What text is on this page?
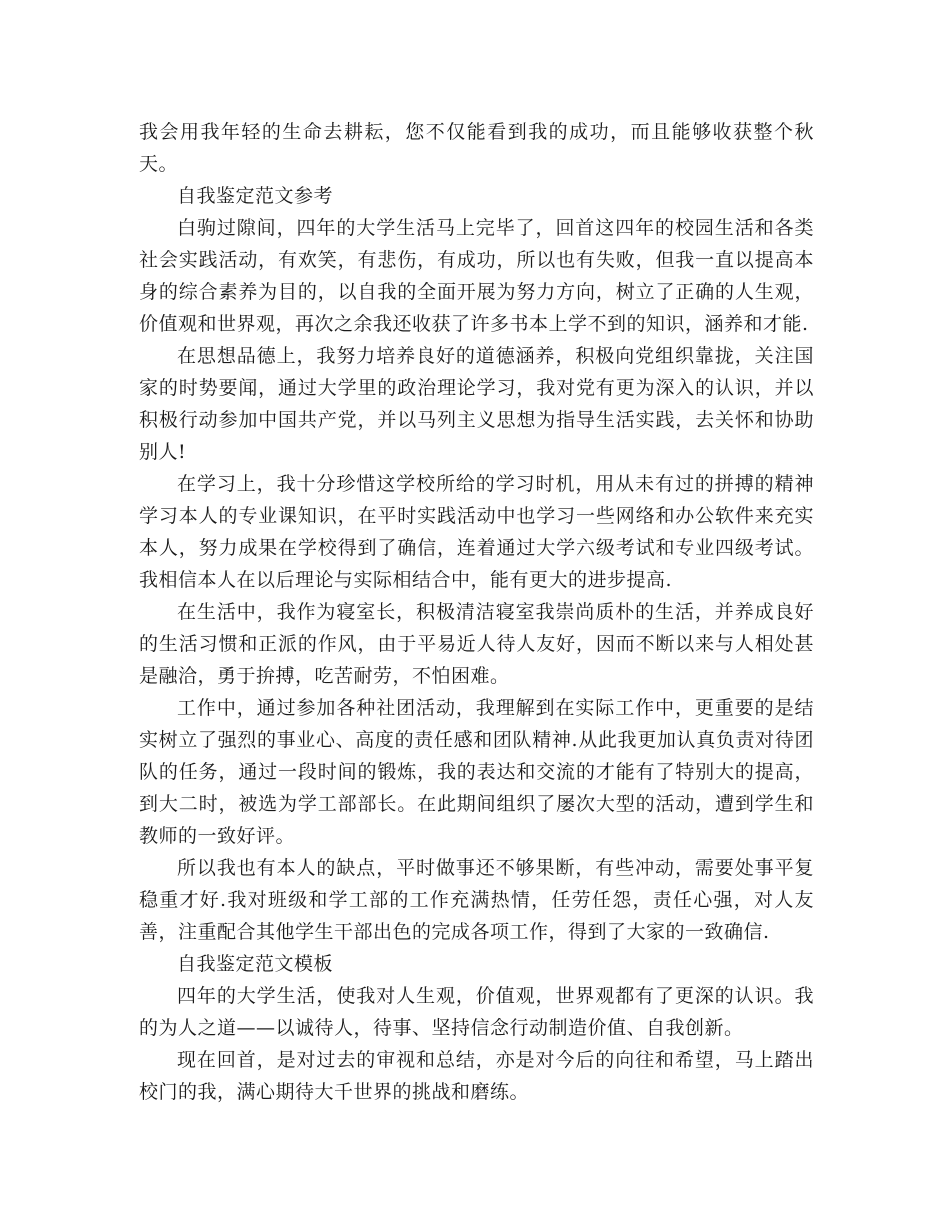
我会用我年轻的生命去耕耘，您不仅能看到我的成功，而且能够收获整个秋天。

自我鉴定范文参考

白驹过隙间，四年的大学生活马上完毕了，回首这四年的校园生活和各类社会实践活动，有欢笑，有悲伤，有成功，所以也有失败，但我一直以提高本身的综合素养为目的，以自我的全面开展为努力方向，树立了正确的人生观，价值观和世界观，再次之余我还收获了许多书本上学不到的知识，涵养和才能.

在思想品德上，我努力培养良好的道德涵养，积极向党组织靠拢，关注国家的时势要闻，通过大学里的政治理论学习，我对党有更为深入的认识，并以积极行动参加中国共产党，并以马列主义思想为指导生活实践，去关怀和协助别人!

在学习上，我十分珍惜这学校所给的学习时机，用从未有过的拼搏的精神学习本人的专业课知识，在平时实践活动中也学习一些网络和办公软件来充实本人，努力成果在学校得到了确信，连着通过大学六级考试和专业四级考试。我相信本人在以后理论与实际相结合中，能有更大的进步提高.

在生活中，我作为寝室长，积极清洁寝室我崇尚质朴的生活，并养成良好的生活习惯和正派的作风，由于平易近人待人友好，因而不断以来与人相处甚是融洽，勇于拚搏，吃苦耐劳，不怕困难。

工作中，通过参加各种社团活动，我理解到在实际工作中，更重要的是结实树立了强烈的事业心、高度的责任感和团队精神.从此我更加认真负责对待团队的任务，通过一段时间的锻炼，我的表达和交流的才能有了特别大的提高，到大二时，被选为学工部部长。在此期间组织了屡次大型的活动，遭到学生和教师的一致好评。

所以我也有本人的缺点，平时做事还不够果断，有些冲动，需要处事平复稳重才好.我对班级和学工部的工作充满热情，任劳任怨，责任心强，对人友善，注重配合其他学生干部出色的完成各项工作，得到了大家的一致确信.

自我鉴定范文模板

四年的大学生活，使我对人生观，价值观，世界观都有了更深的认识。我的为人之道——以诚待人，待事、坚持信念行动制造价值、自我创新。

现在回首，是对过去的审视和总结，亦是对今后的向往和希望，马上踏出校门的我，满心期待大千世界的挑战和磨练。
